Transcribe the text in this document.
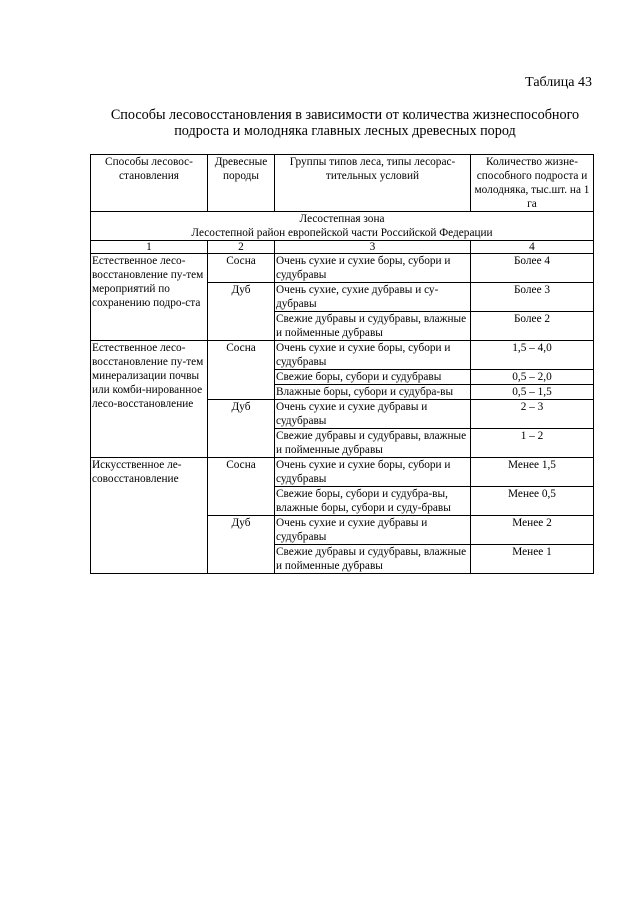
Таблица 43
Способы лесовосстановления в зависимости от количества жизнеспособного
подроста и молодняка главных лесных древесных пород
Способы лесовос-становления	Древесные породы	Группы типов леса, типы лесорас-тительных условий	Количество жизне-способного подроста и молодняка, тыс.шт. на 1 га

Лесостепная зона
Лесостепной район европейской части Российской Федерации			

1	2	3	4
Естественное лесо-восстановление пу-тем мероприятий по сохранению подро-ста	Сосна	Очень сухие и сухие боры, субори и судубравы	Более 4
	Дуб	Очень сухие, сухие дубравы и су-дубравы	Более 3
		Свежие дубравы и судубравы, влажные и пойменные дубравы	Более 2
Естественное лесо-восстановление пу-тем минерализации почвы или комби-нированное лесо-восстановление	Сосна	Очень сухие и сухие боры, субори и судубравы	1,5 – 4,0
		Свежие боры, субори и судубравы	0,5 – 2,0
		Влажные боры, субори и судубра-вы	0,5 – 1,5
	Дуб	Очень сухие и сухие дубравы и судубравы	2 – 3
		Свежие дубравы и судубравы, влажные и пойменные дубравы	1 – 2
Искусственное ле-совосстановление	Сосна	Очень сухие и сухие боры, субори и судубравы	Менее 1,5
		Свежие боры, субори и судубра-вы, влажные боры, субори и суду-бравы	Менее 0,5
	Дуб	Очень сухие и сухие дубравы и судубравы	Менее 2
		Свежие дубравы и судубравы, влажные и пойменные дубравы	Менее 1
